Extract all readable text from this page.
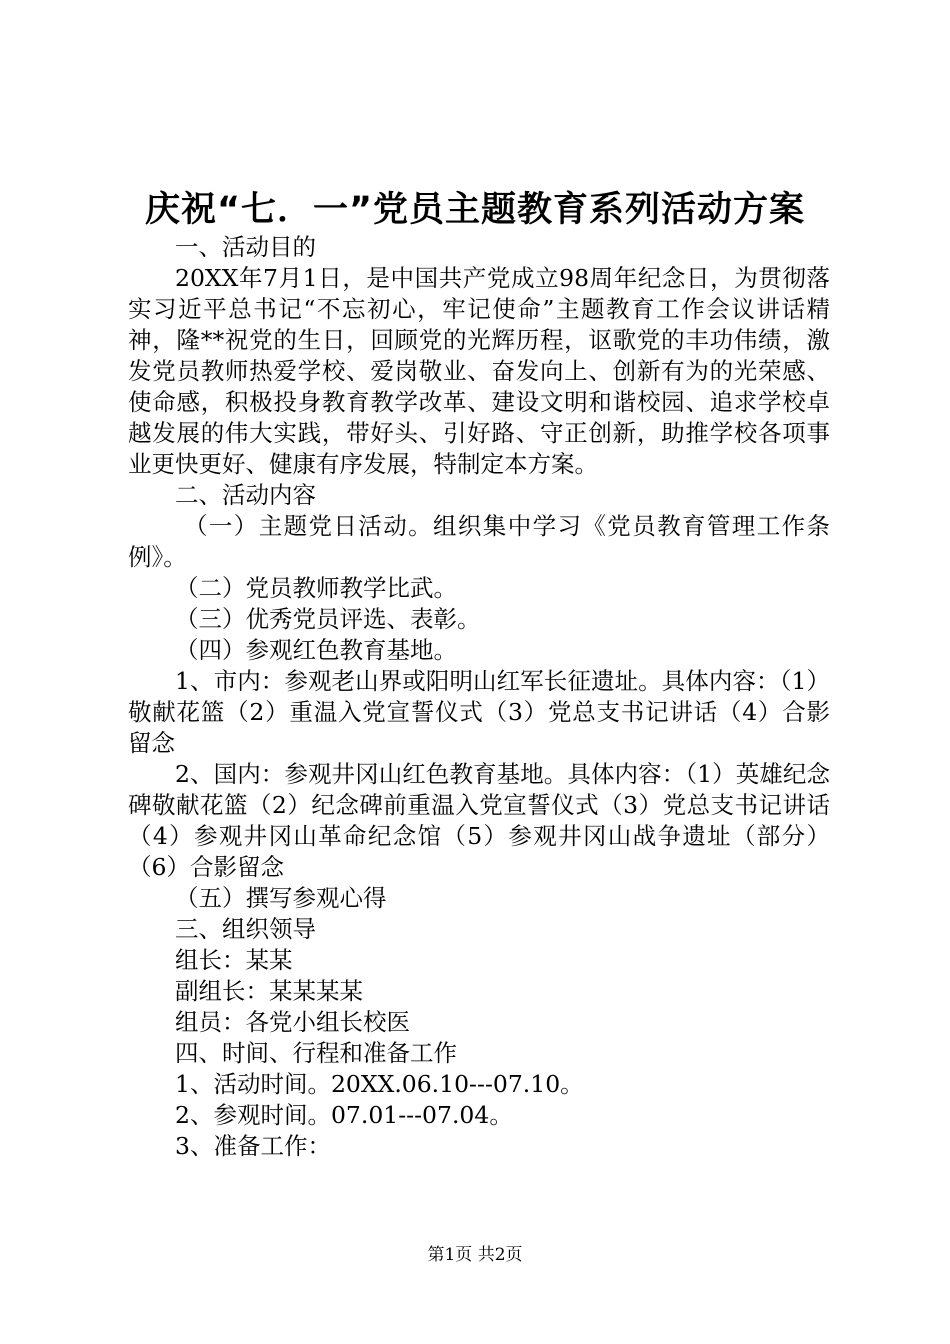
庆祝“七．一”党员主题教育系列活动方案

一、活动目的

20XX年7月1日，是中国共产党成立98周年纪念日，为贯彻落实习近平总书记“不忘初心，牢记使命”主题教育工作会议讲话精神，隆**祝党的生日，回顾党的光辉历程，讴歌党的丰功伟绩，激发党员教师热爱学校、爱岗敬业、奋发向上、创新有为的光荣感、使命感，积极投身教育教学改革、建设文明和谐校园、追求学校卓越发展的伟大实践，带好头、引好路、守正创新，助推学校各项事业更快更好、健康有序发展，特制定本方案。

二、活动内容

（一）主题党日活动。组织集中学习《党员教育管理工作条例》。

（二）党员教师教学比武。

（三）优秀党员评选、表彰。

（四）参观红色教育基地。

1、市内：参观老山界或阳明山红军长征遗址。具体内容：（1）敬献花篮（2）重温入党宣誓仪式（3）党总支书记讲话（4）合影留念

2、国内：参观井冈山红色教育基地。具体内容：（1）英雄纪念碑敬献花篮（2）纪念碑前重温入党宣誓仪式（3）党总支书记讲话（4）参观井冈山革命纪念馆（5）参观井冈山战争遗址（部分）（6）合影留念

（五）撰写参观心得

三、组织领导

组长：某某

副组长：某某某某

组员：各党小组长校医

四、时间、行程和准备工作

1、活动时间。20XX.06.10---07.10。

2、参观时间。07.01---07.04。

3、准备工作：

第1页 共2页
